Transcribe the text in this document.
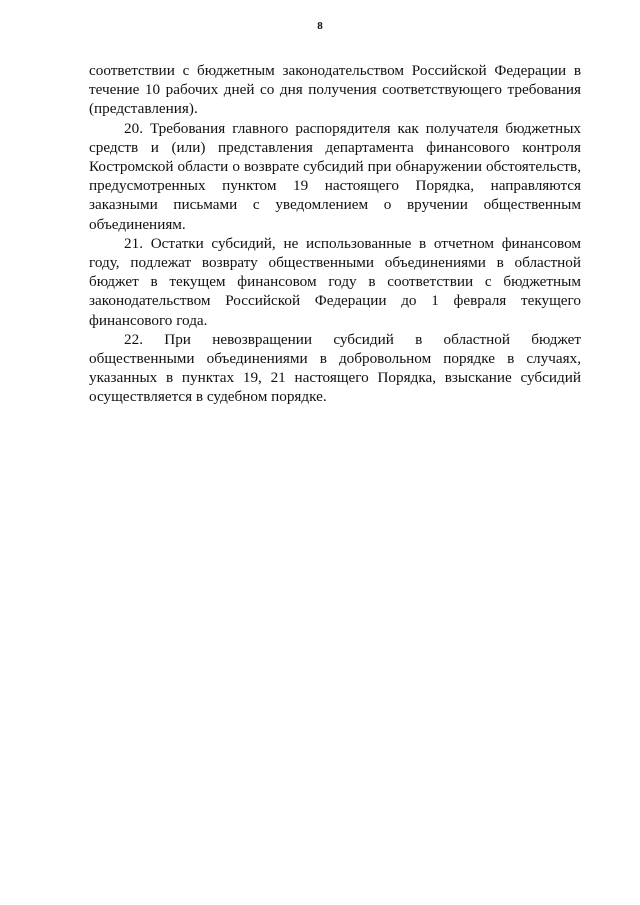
8

соответствии с бюджетным законодательством Российской Федерации в течение 10 рабочих дней со дня получения соответствующего требования (представления).

20. Требования главного распорядителя как получателя бюджетных средств и (или) представления департамента финансового контроля Костромской области о возврате субсидий при обнаружении обстоятельств, предусмотренных пунктом 19 настоящего Порядка, направляются заказными письмами с уведомлением о вручении общественным объединениям.

21. Остатки субсидий, не использованные в отчетном финансовом году, подлежат возврату общественными объединениями в областной бюджет в текущем финансовом году в соответствии с бюджетным законодательством Российской Федерации до 1 февраля текущего финансового года.

22. При невозвращении субсидий в областной бюджет общественными объединениями в добровольном порядке в случаях, указанных в пунктах 19, 21 настоящего Порядка, взыскание субсидий осуществляется в судебном порядке.
